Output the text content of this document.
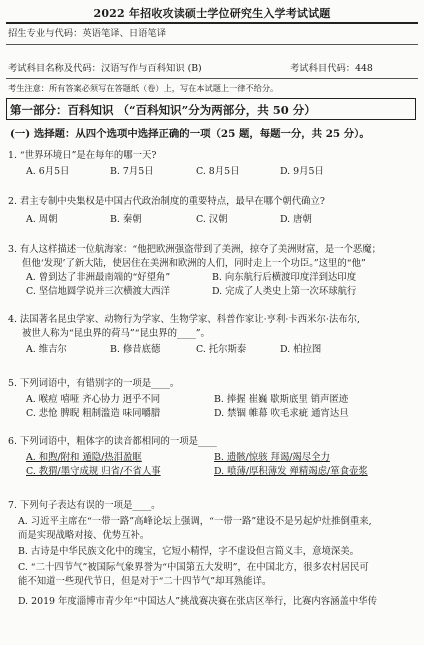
2022 年招收攻读硕士学位研究生入学考试试题
招生专业与代码：英语笔译、日语笔译
考试科目名称及代码：汉语写作与百科知识 (B)	考试科目代码：448
考生注意：所有答案必须写在答题纸（卷）上，写在本试题上一律不给分。
第一部分：百科知识 （“百科知识”分为两部分，共 50 分）
(一) 选择题：从四个选项中选择正确的一项（25 题，每题一分，共 25 分）。
1. “世界环境日”是在每年的哪一天?
A. 6月5日	B. 7月5日	C. 8月5日	D. 9月5日
2. 君主专制中央集权是中国古代政治制度的重要特点，最早在哪个朝代确立?
A. 周朝	B. 秦朝	C. 汉朝	D. 唐朝
3. 有人这样描述一位航海家：“他把欧洲强盗带到了美洲，掠夺了美洲财富，是一个恶魔；
但他‘发现’了新大陆，使居住在美洲和欧洲的人们，同时走上一个功臣。”这里的“他”
A. 曾到达了非洲最南端的“好望角”	B. 向东航行后横渡印度洋到达印度
C. 坚信地圆学说并三次横渡大西洋	D. 完成了人类史上第一次环球航行
4. 法国著名昆虫学家、动物行为学家、生物学家、科普作家让·亨利·卡西米尔·法布尔,
被世人称为“昆虫界的荷马”“昆虫界的____”。
A. 维吉尔	B. 修昔底德	C. 托尔斯泰	D. 柏拉图
5. 下列词语中，有错别字的一项是____。
A. 喉痘 嘻哑 齐心协力 迥乎不同	B. 捧握 崔巍 歇斯底里 销声匿迹
C. 悲怆 脾睨 粗制滥造 味同嚼腊	D. 禁锢 帷幕 吹毛求疵 通宵达旦
6. 下列词语中，粗体字的读音都相同的一项是____
A. 和煦/附和 遁隐/热泪盈眶	B. 遗骸/惊骇 拜谒/竭尽全力
C. 教猬/墨守成规 归省/不省人事	D. 喷薄/厚积薄发 殚精竭虑/箪食壶浆
7. 下列句子表达有误的一项是____。
A. 习近平主席在“一带一路”高峰论坛上强调，“一带一路”建设不是另起炉灶推倒重来,
而是实现战略对接、优势互补。
B. 古诗是中华民族文化中的瑰宝，它短小精悍，字不虚设但言简义丰，意境深美。
C. “二十四节气”被国际气象界誉为“中国第五大发明”，在中国北方，很多农村居民可
能不知道一些现代节日，但是对于“二十四节气”却耳熟能详。
D. 2019 年度淄博市青少年“中国达人”挑战赛决赛在张店区举行，比赛内容涵盖中华传
